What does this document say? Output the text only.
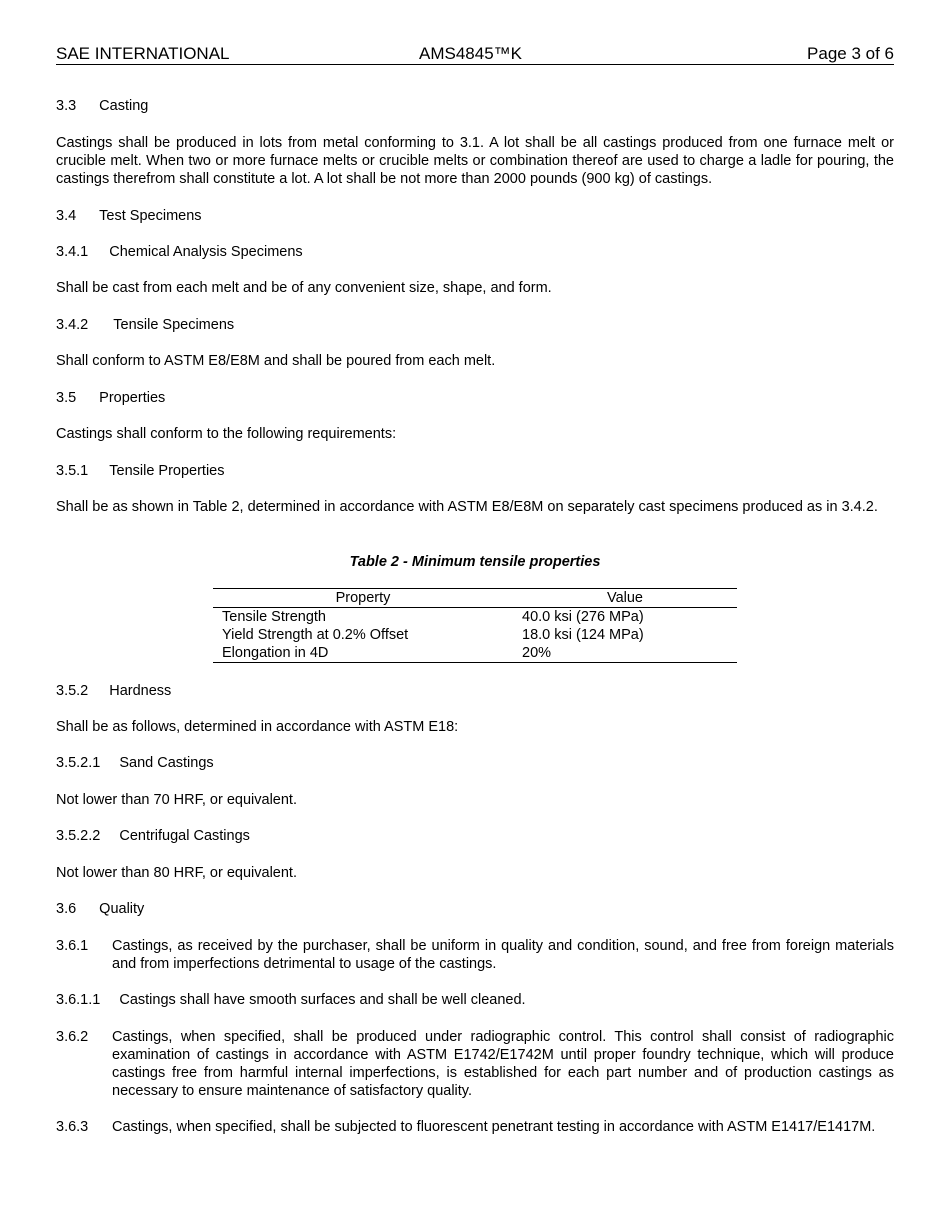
SAE INTERNATIONAL	AMS4845™K	Page 3 of 6
3.3 Casting

Castings shall be produced in lots from metal conforming to 3.1. A lot shall be all castings produced from one furnace melt or crucible melt. When two or more furnace melts or crucible melts or combination thereof are used to charge a ladle for pouring, the castings therefrom shall constitute a lot. A lot shall be not more than 2000 pounds (900 kg) of castings.

3.4 Test Specimens
3.4.1 Chemical Analysis Specimens

Shall be cast from each melt and be of any convenient size, shape, and form.

3.4.2 Tensile Specimens

Shall conform to ASTM E8/E8M and shall be poured from each melt.

3.5 Properties

Castings shall conform to the following requirements:

3.5.1 Tensile Properties

Shall be as shown in Table 2, determined in accordance with ASTM E8/E8M on separately cast specimens produced as in 3.4.2.

Table 2 - Minimum tensile properties
Property	Value
Tensile Strength	40.0 ksi (276 MPa)
Yield Strength at 0.2% Offset	18.0 ksi (124 MPa)
Elongation in 4D	20%
3.5.2 Hardness

Shall be as follows, determined in accordance with ASTM E18:

3.5.2.1 Sand Castings

Not lower than 70 HRF, or equivalent.

3.5.2.2 Centrifugal Castings

Not lower than 80 HRF, or equivalent.

3.6 Quality
3.6.1 Castings, as received by the purchaser, shall be uniform in quality and condition, sound, and free from foreign materials and from imperfections detrimental to usage of the castings.
3.6.1.1 Castings shall have smooth surfaces and shall be well cleaned.
3.6.2 Castings, when specified, shall be produced under radiographic control. This control shall consist of radiographic examination of castings in accordance with ASTM E1742/E1742M until proper foundry technique, which will produce castings free from harmful internal imperfections, is established for each part number and of production castings as necessary to ensure maintenance of satisfactory quality.
3.6.3 Castings, when specified, shall be subjected to fluorescent penetrant testing in accordance with ASTM E1417/E1417M.
